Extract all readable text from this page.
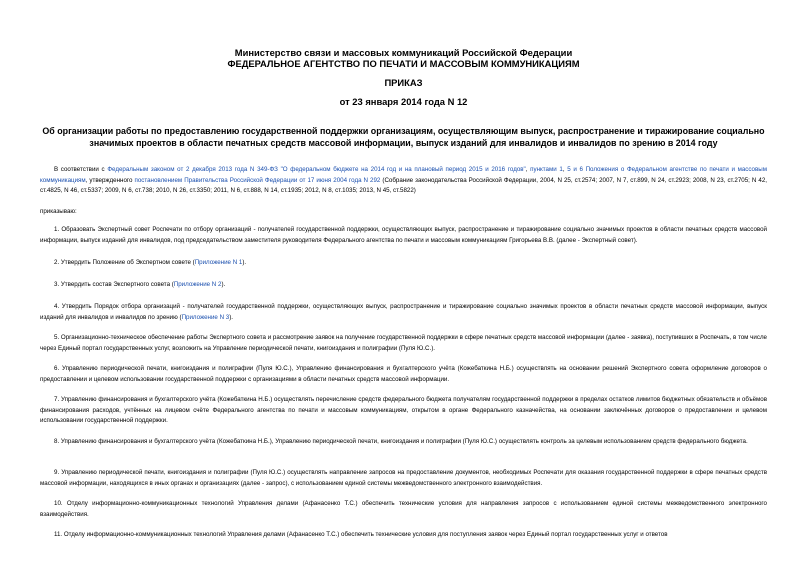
Министерство связи и массовых коммуникаций Российской Федерации
ФЕДЕРАЛЬНОЕ АГЕНТСТВО ПО ПЕЧАТИ И МАССОВЫМ КОММУНИКАЦИЯМ
ПРИКАЗ
от 23 января 2014 года N 12
Об организации работы по предоставлению государственной поддержки организациям, осуществляющим выпуск, распространение и тиражирование социально значимых проектов в области печатных средств массовой информации, выпуск изданий для инвалидов и инвалидов по зрению в 2014 году
В соответствии с Федеральным законом от 2 декабря 2013 года N 349-ФЗ "О федеральном бюджете на 2014 год и на плановый период 2015 и 2016 годов", пунктами 1, 5 и 6 Положения о Федеральном агентстве по печати и массовым коммуникациям, утвержденного постановлением Правительства Российской Федерации от 17 июня 2004 года N 292 (Собрание законодательства Российской Федерации, 2004, N 25, ст.2574; 2007, N 7, ст.899, N 24, ст.2923; 2008, N 23, ст.2705; N 42, ст.4825, N 46, ст.5337; 2009, N 6, ст.738; 2010, N 26, ст.3350; 2011, N 6, ст.888, N 14, ст.1935; 2012, N 8, ст.1035; 2013, N 45, ст.5822)
приказываю:
1. Образовать Экспертный совет Роспечати по отбору организаций - получателей государственной поддержки, осуществляющих выпуск, распространение и тиражирование социально значимых проектов в области печатных средств массовой информации, выпуск изданий для инвалидов, под председательством заместителя руководителя Федерального агентства по печати и массовым коммуникациям Григорьева В.В. (далее - Экспертный совет).
2. Утвердить Положение об Экспертном совете (Приложение N 1).
3. Утвердить состав Экспертного совета (Приложение N 2).
4. Утвердить Порядок отбора организаций - получателей государственной поддержки, осуществляющих выпуск, распространение и тиражирование социально значимых проектов в области печатных средств массовой информации, выпуск изданий для инвалидов и инвалидов по зрению (Приложение N 3).
5. Организационно-техническое обеспечение работы Экспертного совета и рассмотрение заявок на получение государственной поддержки в сфере печатных средств массовой информации (далее - заявка), поступивших в Роспечать, в том числе через Единый портал государственных услуг, возложить на Управление периодической печати, книгоиздания и полиграфии (Пуля Ю.С.).
6. Управлению периодической печати, книгоиздания и полиграфии (Пуля Ю.С.), Управлению финансирования и бухгалтерского учёта (Кожебаткина Н.Б.) осуществлять на основании решений Экспертного совета оформление договоров о предоставлении и целевом использовании государственной поддержки с организациями в области печатных средств массовой информации.
7. Управлению финансирования и бухгалтерского учёта (Кожебаткина Н.Б.) осуществлять перечисление средств федерального бюджета получателям государственной поддержки в пределах остатков лимитов бюджетных обязательств и объёмов финансирования расходов, учтённых на лицевом счёте Федерального агентства по печати и массовым коммуникациям, открытом в органе Федерального казначейства, на основании заключённых договоров о предоставлении и целевом использовании государственной поддержки.
8. Управлению финансирования и бухгалтерского учёта (Кожебаткина Н.Б.), Управлению периодической печати, книгоиздания и полиграфии (Пуля Ю.С.) осуществлять контроль за целевым использованием средств федерального бюджета.
9. Управлению периодической печати, книгоиздания и полиграфии (Пуля Ю.С.) осуществлять направление запросов на предоставление документов, необходимых Роспечати для оказания государственной поддержки в сфере печатных средств массовой информации, находящихся в иных органах и организациях (далее - запрос), с использованием единой системы межведомственного электронного взаимодействия.
10. Отделу информационно-коммуникационных технологий Управления делами (Афанасенко Т.С.) обеспечить технические условия для направления запросов с использованием единой системы межведомственного электронного взаимодействия.
11. Отделу информационно-коммуникационных технологий Управления делами (Афанасенко Т.С.) обеспечить технические условия для поступления заявок через Единый портал государственных услуг и ответов
